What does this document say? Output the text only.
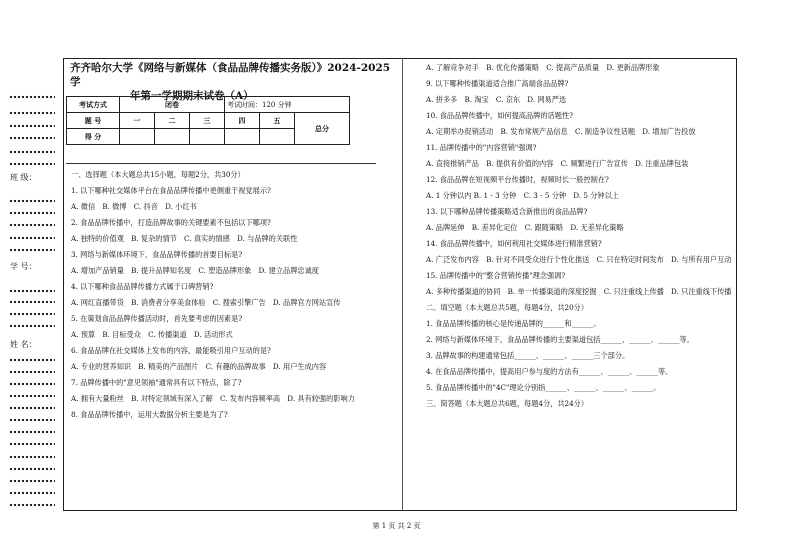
班 级：
学 号：
姓 名：
齐齐哈尔大学《网络与新媒体（食品品牌传播实务版）》2024-2025 学
年第一学期期末试卷（A）
考试方式	闭卷			考试时间：120 分钟		
题 号	一	二	三	四	五	总分
得 分						

一、选择题（本大题总共15小题，每题2分，共30分）

1. 以下哪种社交媒体平台在食品品牌传播中更侧重于视觉展示?

A. 微信　B. 微博　C. 抖音　D. 小红书

2. 食品品牌传播中，打造品牌故事的关键要素不包括以下哪项?

A. 独特的价值观　B. 复杂的情节　C. 真实的情感　D. 与品牌的关联性

3. 网络与新媒体环境下，食品品牌传播的首要目标是?

A. 增加产品销量　B. 提升品牌知名度　C. 塑造品牌形象　D. 建立品牌忠诚度

4. 以下哪种食品品牌传播方式属于口碑营销?

A. 网红直播带货　B. 消费者分享美食体验　C. 搜索引擎广告　D. 品牌官方网站宣传

5. 在策划食品品牌传播活动时，首先要考虑的因素是?

A. 预算　B. 目标受众　C. 传播渠道　D. 活动形式

6. 食品品牌在社交媒体上发布的内容，最能吸引用户互动的是?

A. 专业的营养知识　B. 精美的产品图片　C. 有趣的品牌故事　D. 用户生成内容

7. 品牌传播中的"意见领袖"通常具有以下特点，除了?

A. 拥有大量粉丝　B. 对特定领域有深入了解　C. 发布内容频率高　D. 具有较强的影响力

8. 食品品牌传播中，运用大数据分析主要是为了?

A. 了解竞争对手　B. 优化传播策略　C. 提高产品质量　D. 更新品牌形象

9. 以下哪种传播渠道适合推广高端食品品牌?

A. 拼多多　B. 淘宝　C. 京东　D. 网易严选

10. 食品品牌传播中，如何提高品牌的话题性?

A. 定期举办促销活动　B. 发布常规产品信息　C. 制造争议性话题　D. 增加广告投放

11. 品牌传播中的"内容营销"强调?

A. 直接推销产品　B. 提供有价值的内容　C. 频繁进行广告宣传　D. 注重品牌包装

12. 食品品牌在短视频平台传播时，视频时长一般控制在?

A. 1 分钟以内 B. 1 - 3 分钟　C. 3 - 5 分钟　D. 5 分钟以上

13. 以下哪种品牌传播策略适合新推出的食品品牌?

A. 品牌延伸　B. 差异化定位　C. 跟随策略　D. 无差异化策略

14. 食品品牌传播中，如何利用社交媒体进行精准营销?

A. 广泛发布内容　B. 针对不同受众进行个性化推送　C. 只在特定时间发布　D. 与所有用户互动

15. 品牌传播中的"整合营销传播"理念强调?

A. 多种传播渠道的协同　B. 单一传播渠道的深度挖掘　C. 只注重线上传播　D. 只注重线下传播

二、填空题（本大题总共5题，每题4分，共20分）

1. 食品品牌传播的核心是传递品牌的______和______。

2. 网络与新媒体环境下，食品品牌传播的主要渠道包括______、______、______等。

3. 品牌故事的构建通常包括______、______、______三个部分。

4. 在食品品牌传播中，提高用户参与度的方法有______、______、______等。

5. 食品品牌传播中的"4C"理论分别指______、______、______、______。

三、简答题（本大题总共6题，每题4分，共24分）

第 1 页 共 2 页
